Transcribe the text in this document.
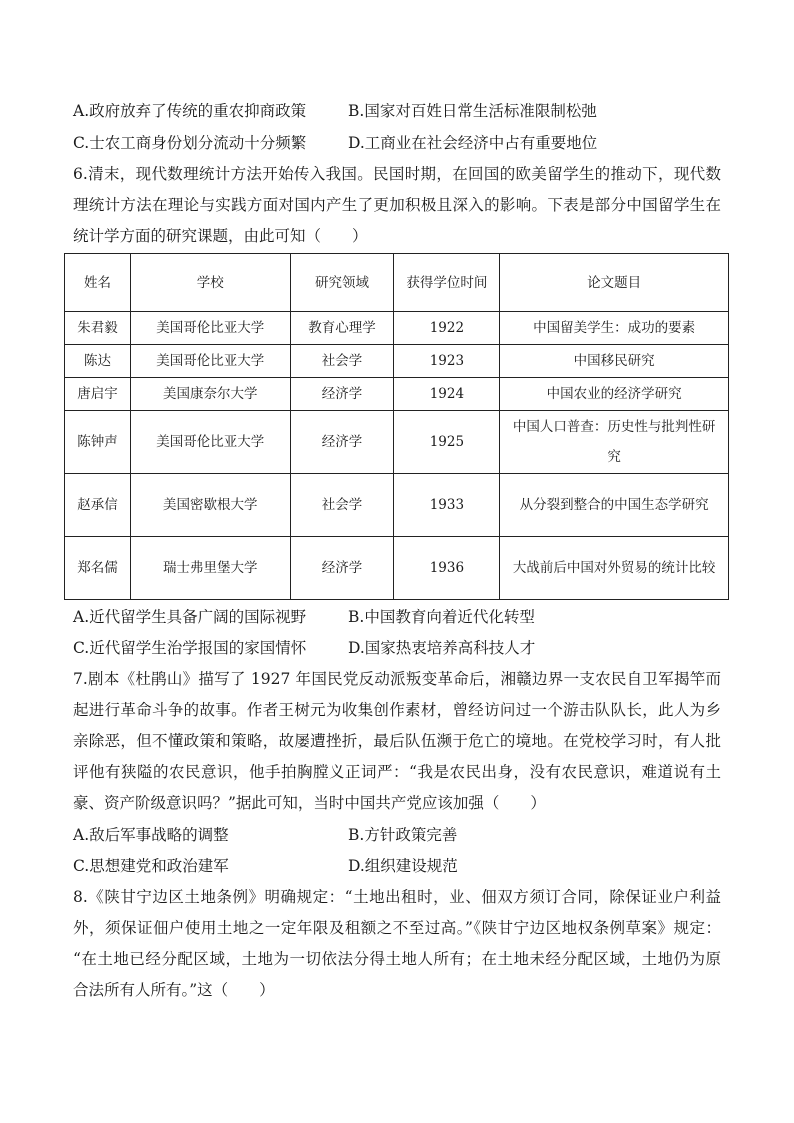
A.政府放弃了传统的重农抑商政策	B.国家对百姓日常生活标准限制松弛
C.士农工商身份划分流动十分频繁	D.工商业在社会经济中占有重要地位
6.清末，现代数理统计方法开始传入我国。民国时期，在回国的欧美留学生的推动下，现代数
理统计方法在理论与实践方面对国内产生了更加积极且深入的影响。下表是部分中国留学生在
统计学方面的研究课题，由此可知（　　）
姓名	学校	研究领域	获得学位时间	论文题目
朱君毅	美国哥伦比亚大学	教育心理学	1922	中国留美学生：成功的要素
陈达	美国哥伦比亚大学	社会学	1923	中国移民研究
唐启宇	美国康奈尔大学	经济学	1924	中国农业的经济学研究
陈钟声	美国哥伦比亚大学	经济学	1925	中国人口普查：历史性与批判性研究
赵承信	美国密歇根大学	社会学	1933	从分裂到整合的中国生态学研究
郑名儒	瑞士弗里堡大学	经济学	1936	大战前后中国对外贸易的统计比较
A.近代留学生具备广阔的国际视野	B.中国教育向着近代化转型
C.近代留学生治学报国的家国情怀	D.国家热衷培养高科技人才
7.剧本《杜鹃山》描写了 1927 年国民党反动派叛变革命后，湘赣边界一支农民自卫军揭竿而
起进行革命斗争的故事。作者王树元为收集创作素材，曾经访问过一个游击队队长，此人为乡
亲除恶，但不懂政策和策略，故屡遭挫折，最后队伍濒于危亡的境地。在党校学习时，有人批
评他有狭隘的农民意识，他手拍胸膛义正词严：“我是农民出身，没有农民意识，难道说有土
豪、资产阶级意识吗？”据此可知，当时中国共产党应该加强（　　）
A.敌后军事战略的调整	B.方针政策完善
C.思想建党和政治建军	D.组织建设规范
8.《陕甘宁边区土地条例》明确规定：“土地出租时，业、佃双方须订合同，除保证业户利益
外，须保证佃户使用土地之一定年限及租额之不至过高。”《陕甘宁边区地权条例草案》规定：
“在土地已经分配区域，土地为一切依法分得土地人所有；在土地未经分配区域，土地仍为原
合法所有人所有。”这（　　）
